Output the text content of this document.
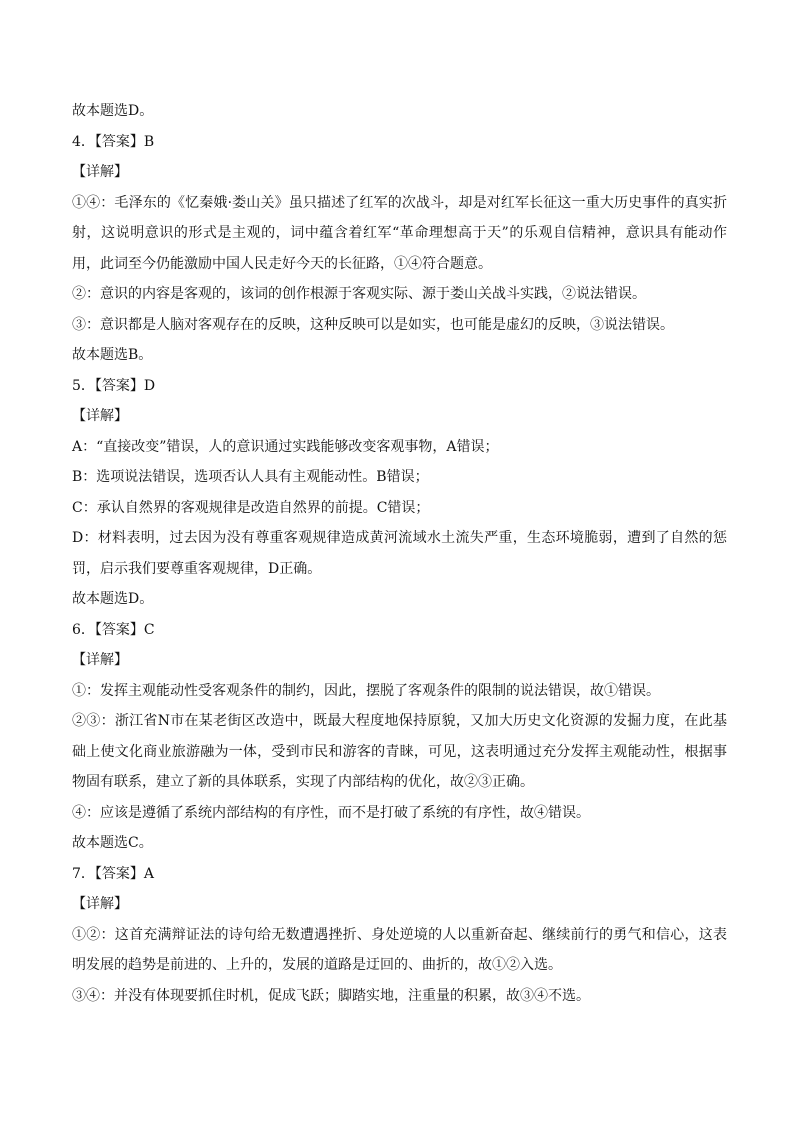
故本题选D。
4．【答案】B
【详解】
①④：毛泽东的《忆秦娥·娄山关》虽只描述了红军的次战斗，却是对红军长征这一重大历史事件的真实折射，这说明意识的形式是主观的，词中蕴含着红军“革命理想高于天”的乐观自信精神，意识具有能动作用，此词至今仍能激励中国人民走好今天的长征路，①④符合题意。
②：意识的内容是客观的，该词的创作根源于客观实际、源于娄山关战斗实践，②说法错误。
③：意识都是人脑对客观存在的反映，这种反映可以是如实，也可能是虚幻的反映，③说法错误。
故本题选B。
5．【答案】D
【详解】
A：“直接改变”错误，人的意识通过实践能够改变客观事物，A错误；
B：选项说法错误，选项否认人具有主观能动性。B错误；
C：承认自然界的客观规律是改造自然界的前提。C错误；
D：材料表明，过去因为没有尊重客观规律造成黄河流域水土流失严重，生态环境脆弱，遭到了自然的惩罚，启示我们要尊重客观规律，D正确。
故本题选D。
6．【答案】C
【详解】
①：发挥主观能动性受客观条件的制约，因此，摆脱了客观条件的限制的说法错误，故①错误。
②③：浙江省N市在某老街区改造中，既最大程度地保持原貌，又加大历史文化资源的发掘力度，在此基础上使文化商业旅游融为一体，受到市民和游客的青睐，可见，这表明通过充分发挥主观能动性，根据事物固有联系，建立了新的具体联系，实现了内部结构的优化，故②③正确。
④：应该是遵循了系统内部结构的有序性，而不是打破了系统的有序性，故④错误。
故本题选C。
7．【答案】A
【详解】
①②：这首充满辩证法的诗句给无数遭遇挫折、身处逆境的人以重新奋起、继续前行的勇气和信心，这表明发展的趋势是前进的、上升的，发展的道路是迂回的、曲折的，故①②入选。
③④：并没有体现要抓住时机，促成飞跃；脚踏实地，注重量的积累，故③④不选。
